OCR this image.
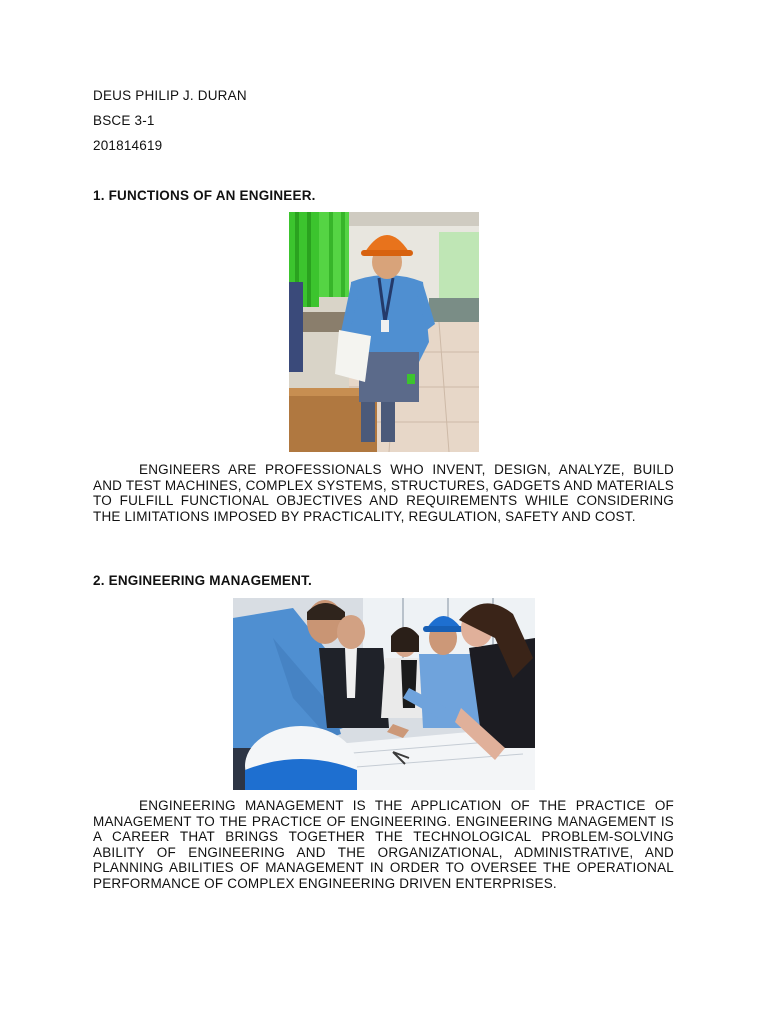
DEUS PHILIP J. DURAN
BSCE 3-1
201814619
1. FUNCTIONS OF AN ENGINEER.
ENGINEERS ARE PROFESSIONALS WHO INVENT, DESIGN, ANALYZE, BUILD AND TEST MACHINES, COMPLEX SYSTEMS, STRUCTURES, GADGETS AND MATERIALS TO FULFILL FUNCTIONAL OBJECTIVES AND REQUIREMENTS WHILE CONSIDERING THE LIMITATIONS IMPOSED BY PRACTICALITY, REGULATION, SAFETY AND COST.
2. ENGINEERING MANAGEMENT.
ENGINEERING MANAGEMENT IS THE APPLICATION OF THE PRACTICE OF MANAGEMENT TO THE PRACTICE OF ENGINEERING. ENGINEERING MANAGEMENT IS A CAREER THAT BRINGS TOGETHER THE TECHNOLOGICAL PROBLEM-SOLVING ABILITY OF ENGINEERING AND THE ORGANIZATIONAL, ADMINISTRATIVE, AND PLANNING ABILITIES OF MANAGEMENT IN ORDER TO OVERSEE THE OPERATIONAL PERFORMANCE OF COMPLEX ENGINEERING DRIVEN ENTERPRISES.
